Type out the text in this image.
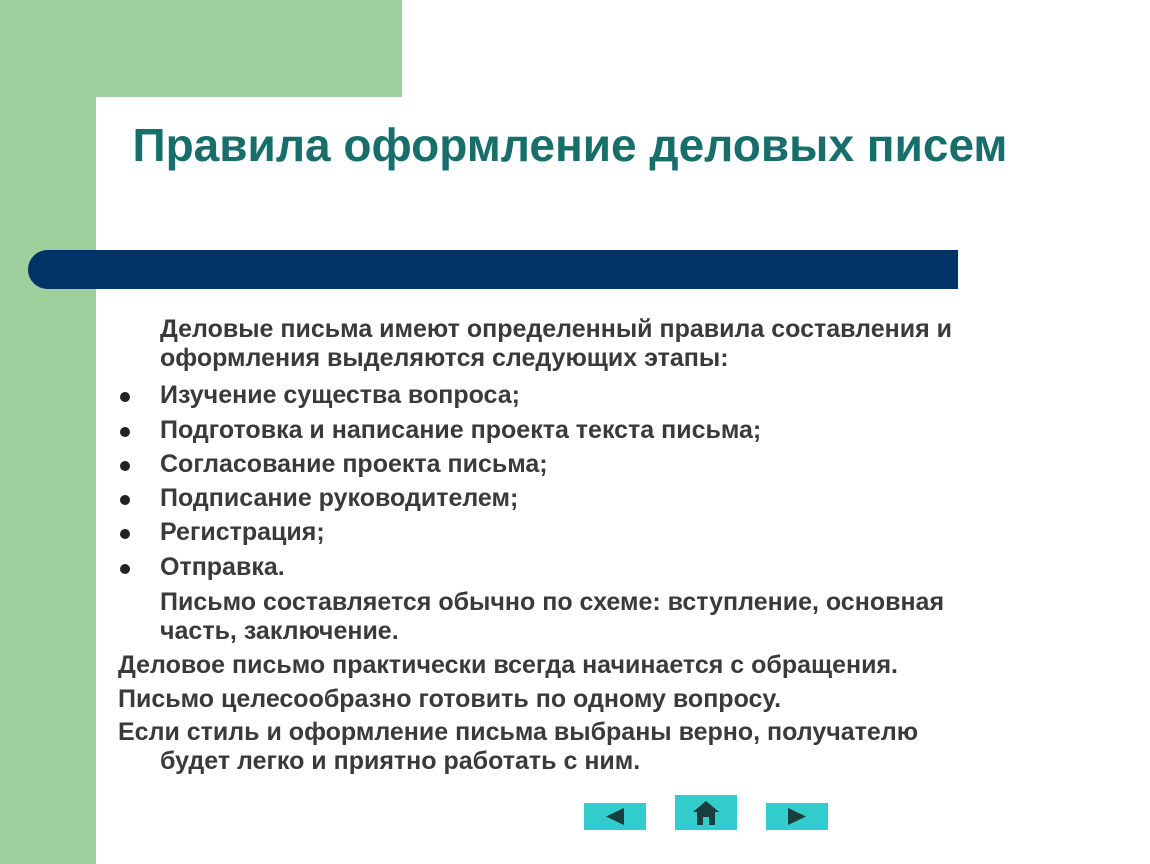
Правила оформление деловых писем
Деловые письма имеют определенный правила составления и оформления выделяются следующих этапы:
Изучение существа вопроса;
Подготовка и написание проекта текста письма;
Согласование проекта письма;
Подписание руководителем;
Регистрация;
Отправка.
Письмо составляется обычно по схеме: вступление, основная часть, заключение.
Деловое письмо практически всегда начинается с обращения.
Письмо целесообразно готовить по одному вопросу.
Если стиль и оформление письма выбраны верно, получателю
будет легко и приятно работать с ним.
